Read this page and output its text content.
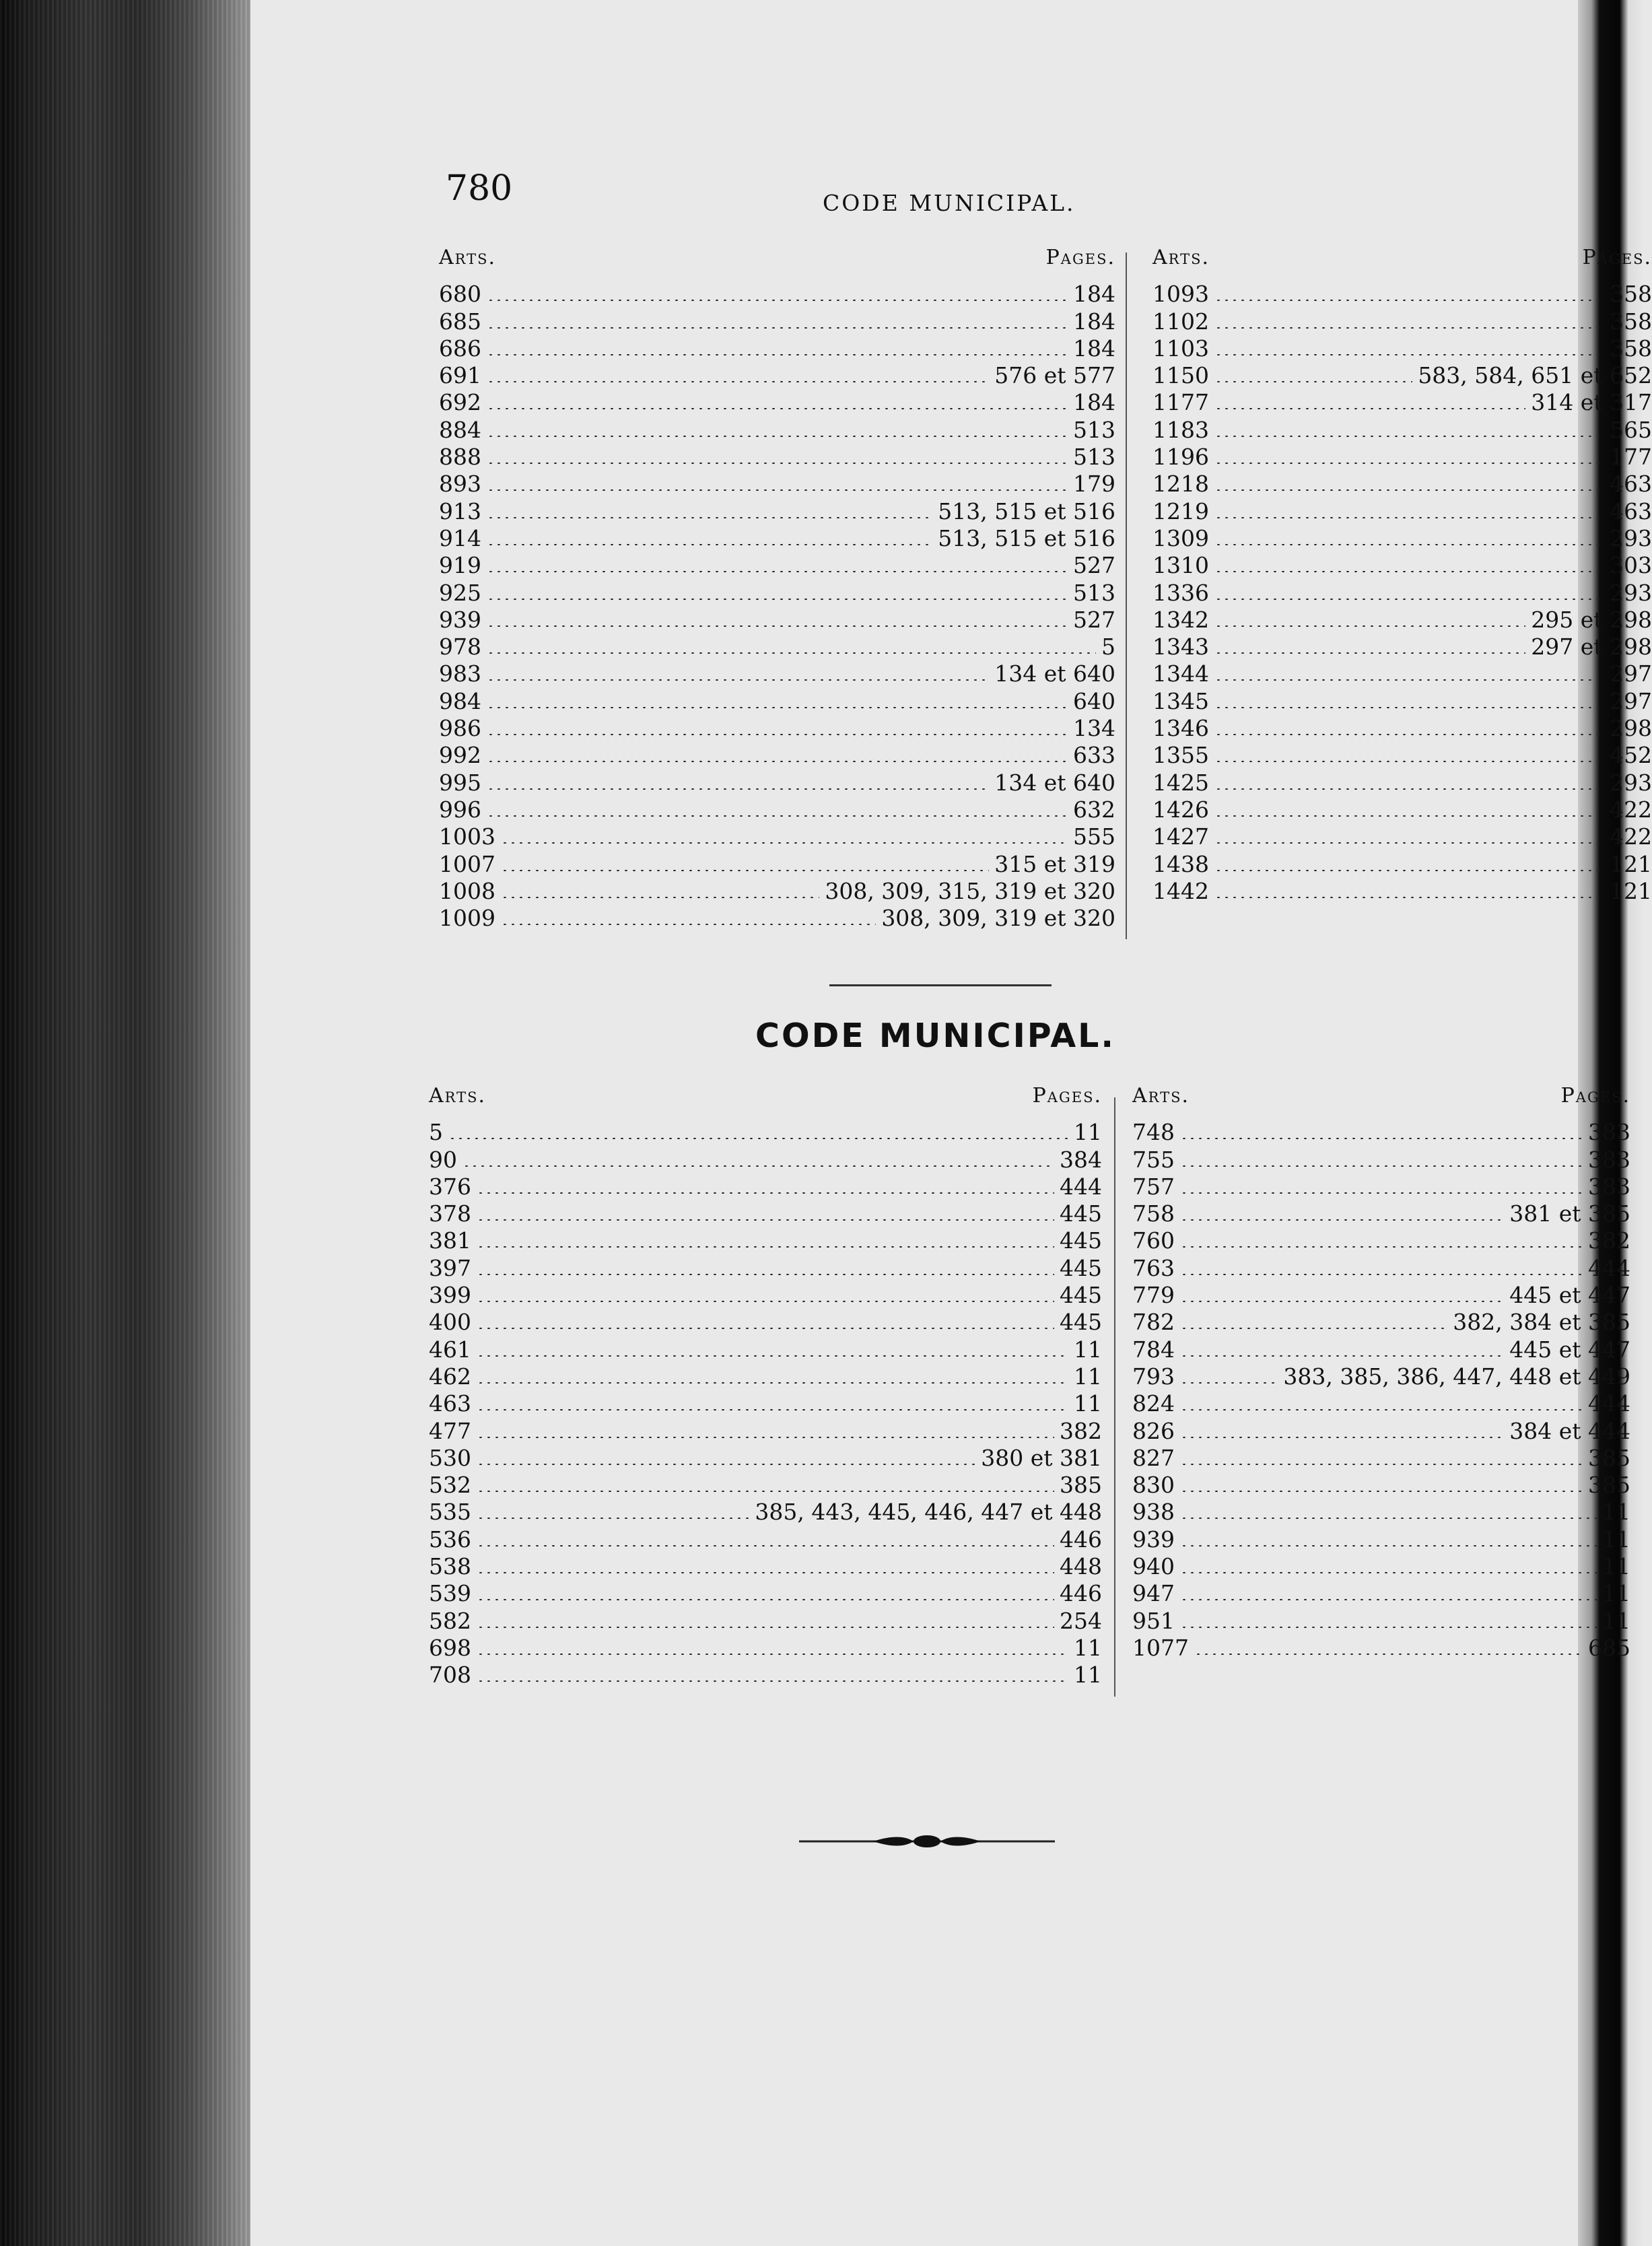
780	CODE MUNICIPAL.
Arts.	Pages.
680	184
685	184
686	184
691	576 et 577
692	184
884	513
888	513
893	179
913	513, 515 et 516
914	513, 515 et 516
919	527
925	513
939	527
978	5
983	134 et 640
984	640
986	134
992	633
995	134 et 640
996	632
1003	555
1007	315 et 319
1008	308, 309, 315, 319 et 320
1009	308, 309, 319 et 320
Arts.	Pages.
1093	358
1102	358
1103	358
1150	583, 584, 651 et 652
1177	314 et 317
1183	565
1196	177
1218	463
1219	463
1309	293
1310	303
1336	293
1342	295 et 298
1343	297 et 298
1344	297
1345	297
1346	298
1355	452
1425	293
1426	422
1427	422
1438	121
1442	121
CODE MUNICIPAL.
Arts.	Pages.
5	11
90	384
376	444
378	445
381	445
397	445
399	445
400	445
461	11
462	11
463	11
477	382
530	380 et 381
532	385
535	385, 443, 445, 446, 447 et 448
536	446
538	448
539	446
582	254
698	11
708	11
Arts.	Pages.
748	383
755	383
757	383
758	381 et 385
760	382
763	444
779	445 et 447
782	382, 384 et 385
784	445 et 447
793	383, 385, 386, 447, 448 et 449
824	444
826	384 et 444
827	385
830	385
938	11
939	11
940	11
947	11
951	11
1077	685
